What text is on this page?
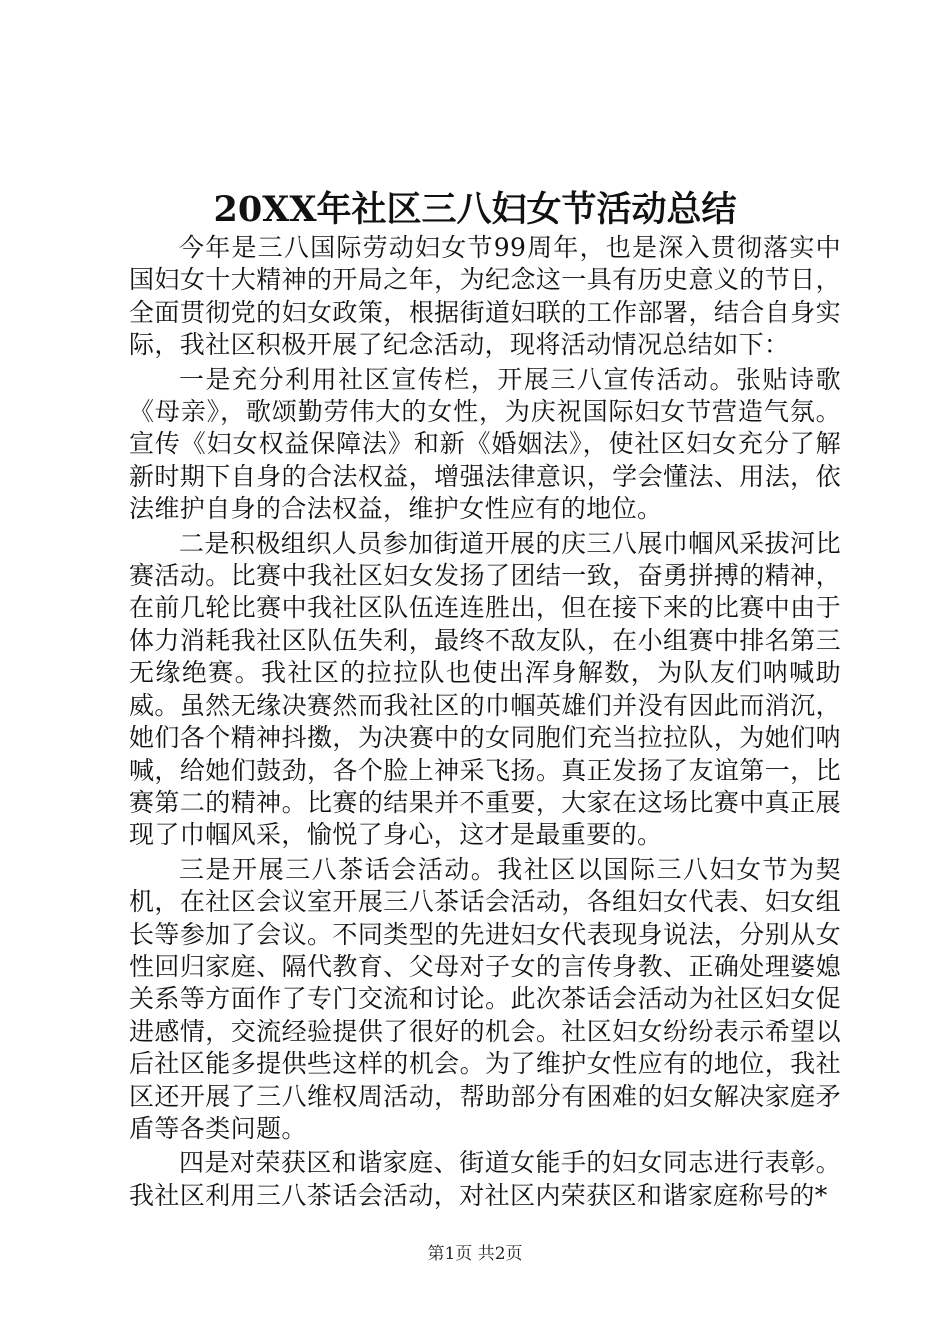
20XX年社区三八妇女节活动总结

今年是三八国际劳动妇女节99周年，也是深入贯彻落实中国妇女十大精神的开局之年，为纪念这一具有历史意义的节日，全面贯彻党的妇女政策，根据街道妇联的工作部署，结合自身实际，我社区积极开展了纪念活动，现将活动情况总结如下：

一是充分利用社区宣传栏，开展三八宣传活动。张贴诗歌《母亲》，歌颂勤劳伟大的女性，为庆祝国际妇女节营造气氛。宣传《妇女权益保障法》和新《婚姻法》，使社区妇女充分了解新时期下自身的合法权益，增强法律意识，学会懂法、用法，依法维护自身的合法权益，维护女性应有的地位。

二是积极组织人员参加街道开展的庆三八展巾帼风采拔河比赛活动。比赛中我社区妇女发扬了团结一致，奋勇拼搏的精神，在前几轮比赛中我社区队伍连连胜出，但在接下来的比赛中由于体力消耗我社区队伍失利，最终不敌友队，在小组赛中排名第三无缘绝赛。我社区的拉拉队也使出浑身解数，为队友们呐喊助威。虽然无缘决赛然而我社区的巾帼英雄们并没有因此而消沉，她们各个精神抖擞，为决赛中的女同胞们充当拉拉队，为她们呐喊，给她们鼓劲，各个脸上神采飞扬。真正发扬了友谊第一，比赛第二的精神。比赛的结果并不重要，大家在这场比赛中真正展现了巾帼风采，愉悦了身心，这才是最重要的。

三是开展三八茶话会活动。我社区以国际三八妇女节为契机，在社区会议室开展三八茶话会活动，各组妇女代表、妇女组长等参加了会议。不同类型的先进妇女代表现身说法，分别从女性回归家庭、隔代教育、父母对子女的言传身教、正确处理婆媳关系等方面作了专门交流和讨论。此次茶话会活动为社区妇女促进感情，交流经验提供了很好的机会。社区妇女纷纷表示希望以后社区能多提供些这样的机会。为了维护女性应有的地位，我社区还开展了三八维权周活动，帮助部分有困难的妇女解决家庭矛盾等各类问题。

四是对荣获区和谐家庭、街道女能手的妇女同志进行表彰。我社区利用三八茶话会活动，对社区内荣获区和谐家庭称号的*

第1页 共2页
